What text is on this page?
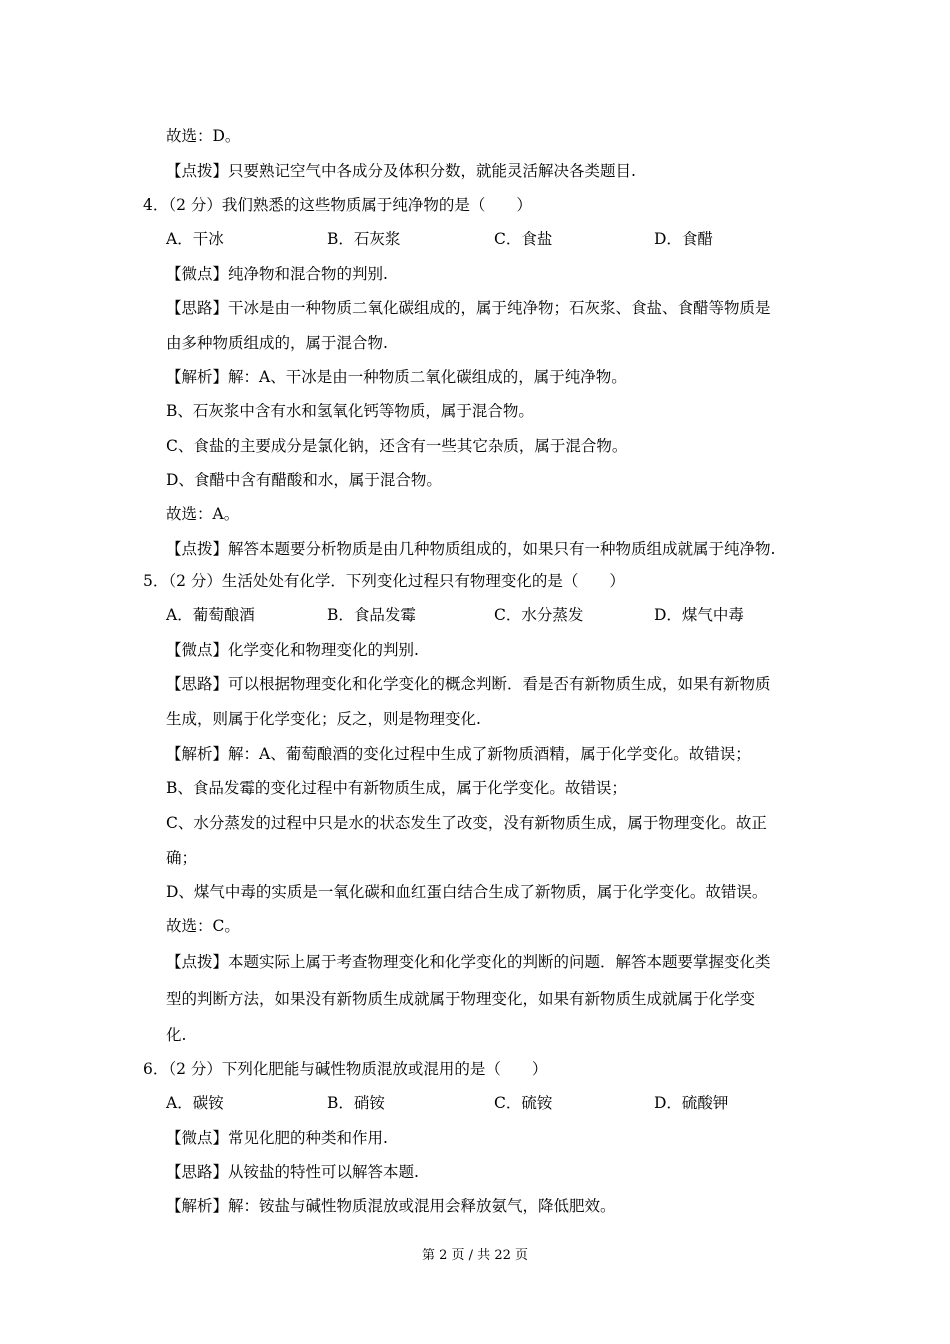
故选：D。
【点拨】只要熟记空气中各成分及体积分数，就能灵活解决各类题目.
4．（2 分）我们熟悉的这些物质属于纯净物的是（　　）
A．干冰	B．石灰浆	C．食盐	D．食醋
【微点】纯净物和混合物的判别.
【思路】干冰是由一种物质二氧化碳组成的，属于纯净物；石灰浆、食盐、食醋等物质是
由多种物质组成的，属于混合物.
【解析】解：A、干冰是由一种物质二氧化碳组成的，属于纯净物。
B、石灰浆中含有水和氢氧化钙等物质，属于混合物。
C、食盐的主要成分是氯化钠，还含有一些其它杂质，属于混合物。
D、食醋中含有醋酸和水，属于混合物。
故选：A。
【点拨】解答本题要分析物质是由几种物质组成的，如果只有一种物质组成就属于纯净物.
5．（2 分）生活处处有化学．下列变化过程只有物理变化的是（　　）
A．葡萄酿酒	B．食品发霉	C．水分蒸发	D．煤气中毒
【微点】化学变化和物理变化的判别.
【思路】可以根据物理变化和化学变化的概念判断．看是否有新物质生成，如果有新物质
生成，则属于化学变化；反之，则是物理变化.
【解析】解：A、葡萄酿酒的变化过程中生成了新物质酒精，属于化学变化。故错误；
B、食品发霉的变化过程中有新物质生成，属于化学变化。故错误；
C、水分蒸发的过程中只是水的状态发生了改变，没有新物质生成，属于物理变化。故正
确；
D、煤气中毒的实质是一氧化碳和血红蛋白结合生成了新物质，属于化学变化。故错误。
故选：C。
【点拨】本题实际上属于考查物理变化和化学变化的判断的问题．解答本题要掌握变化类
型的判断方法，如果没有新物质生成就属于物理变化，如果有新物质生成就属于化学变
化.
6．（2 分）下列化肥能与碱性物质混放或混用的是（　　）
A．碳铵	B．硝铵	C．硫铵	D．硫酸钾
【微点】常见化肥的种类和作用.
【思路】从铵盐的特性可以解答本题.
【解析】解：铵盐与碱性物质混放或混用会释放氨气，降低肥效。
第 2 页 / 共 22 页
